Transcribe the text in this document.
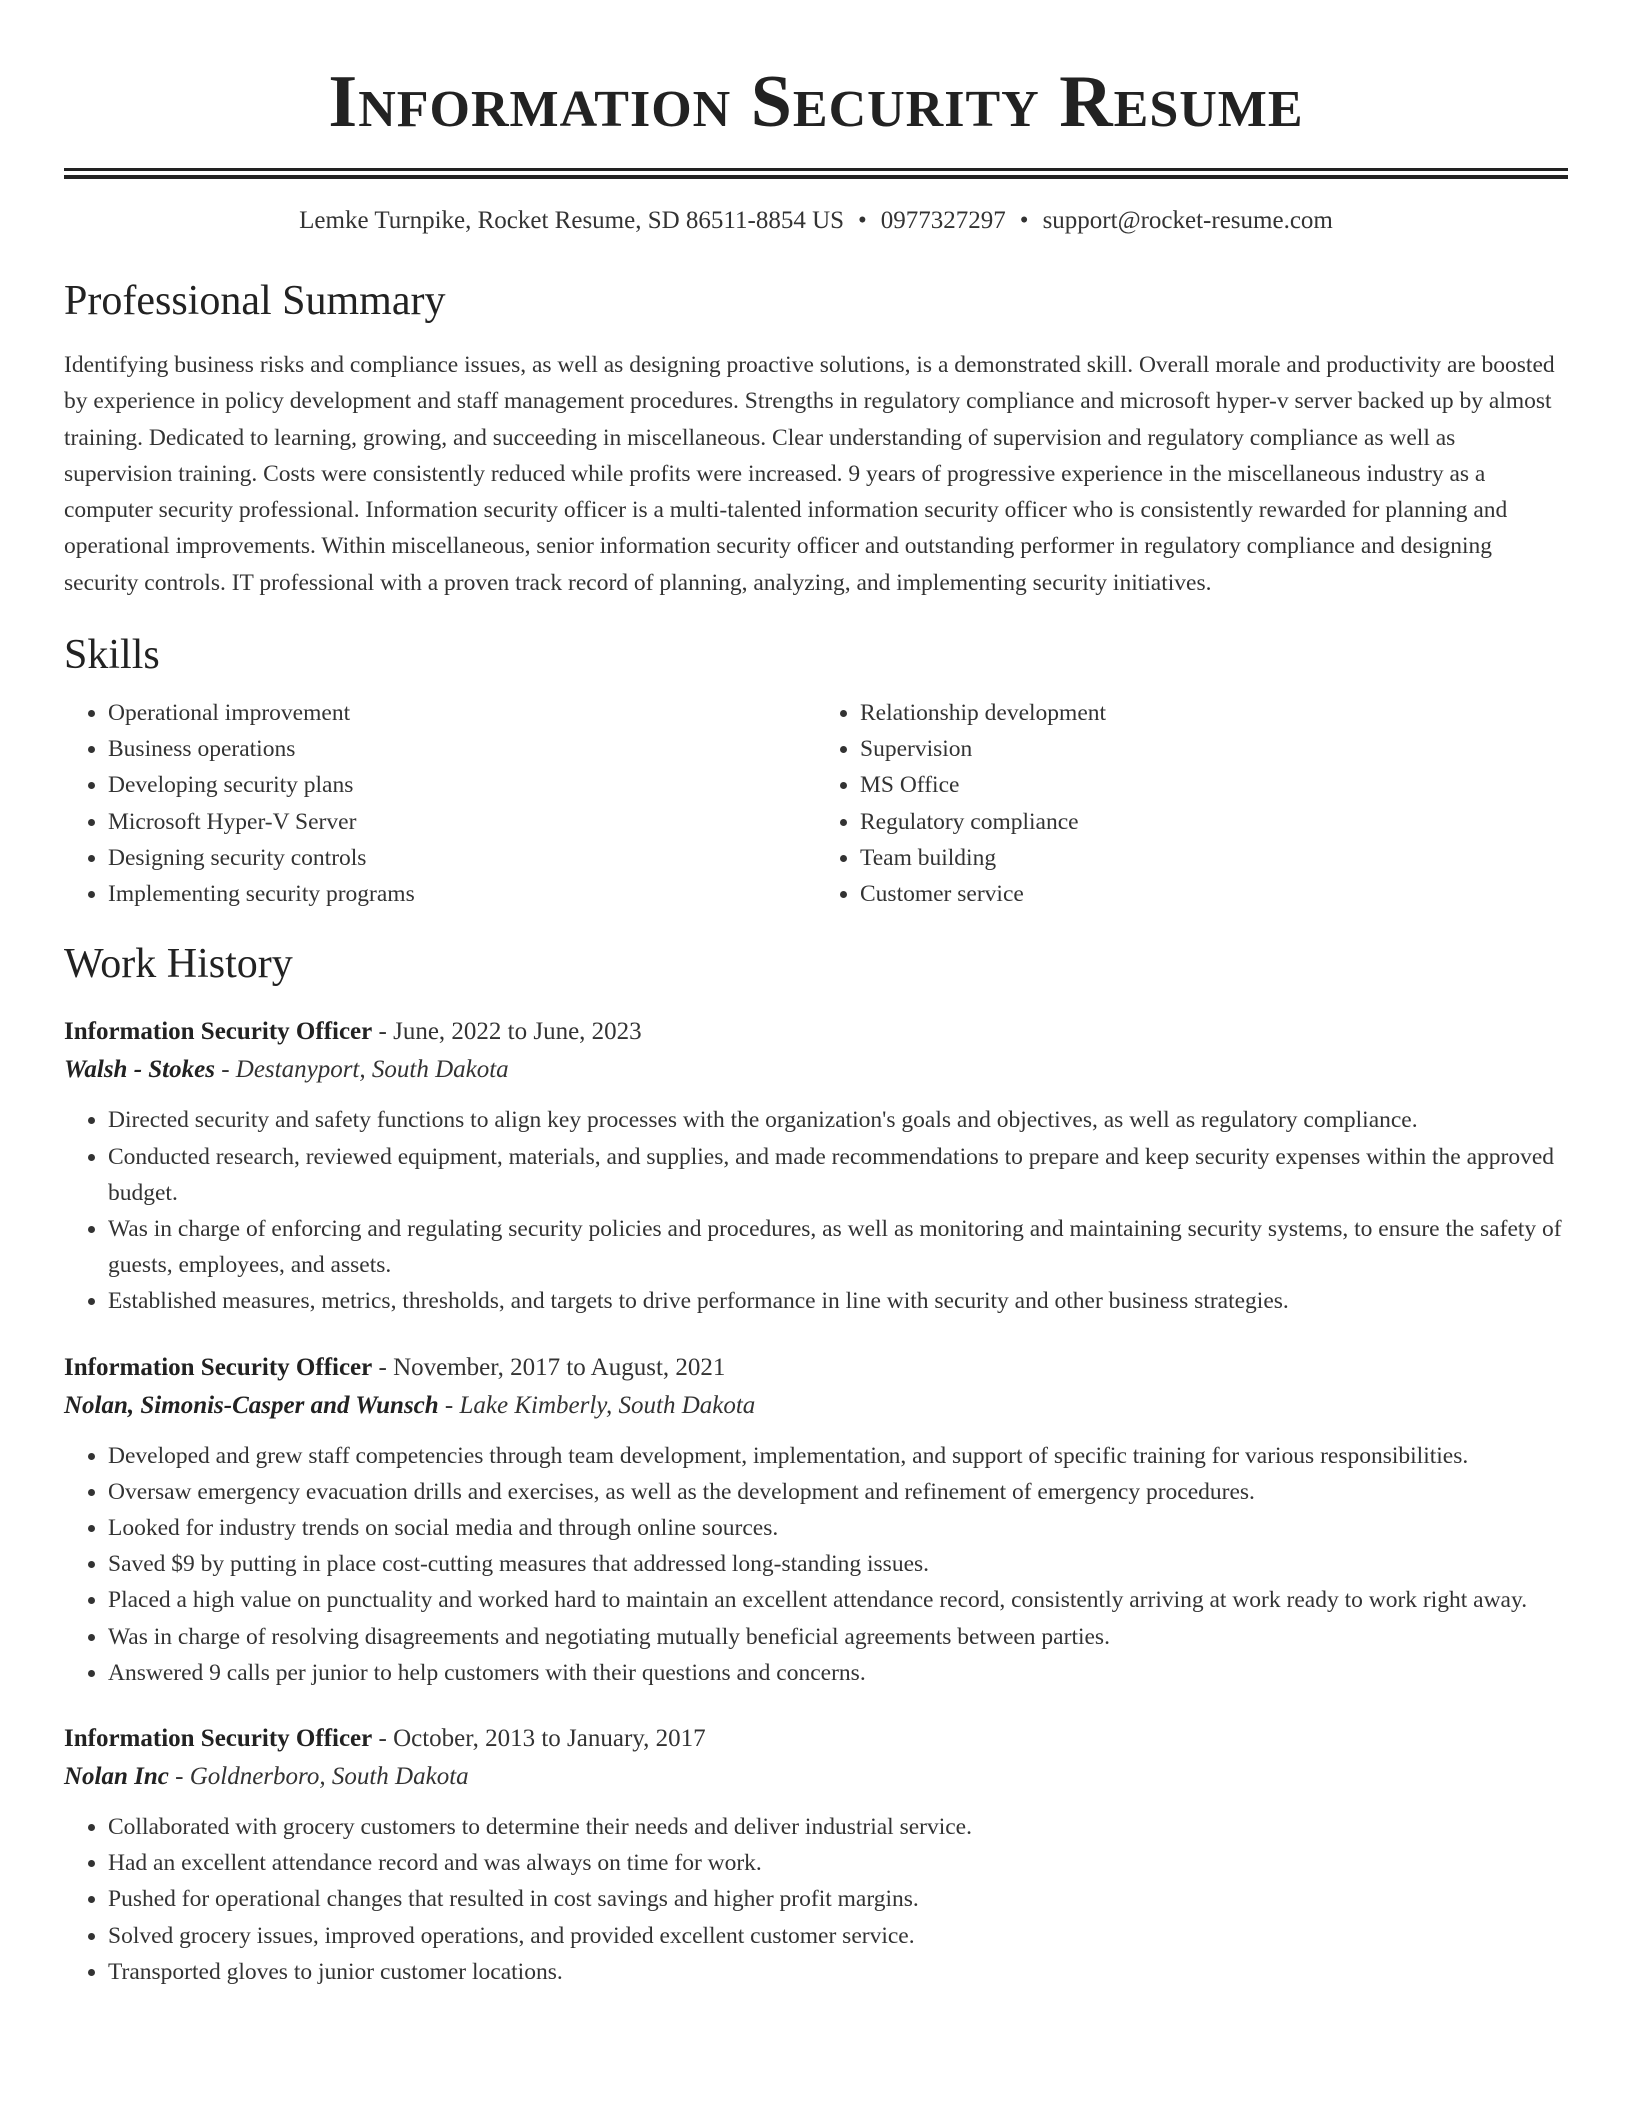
Information Security Resume
Lemke Turnpike, Rocket Resume, SD 86511-8854 US • 0977327297 • support@rocket-resume.com
Professional Summary

Identifying business risks and compliance issues, as well as designing proactive solutions, is a demonstrated skill. Overall morale and productivity are boosted by experience in policy development and staff management procedures. Strengths in regulatory compliance and microsoft hyper-v server backed up by almost training. Dedicated to learning, growing, and succeeding in miscellaneous. Clear understanding of supervision and regulatory compliance as well as supervision training. Costs were consistently reduced while profits were increased. 9 years of progressive experience in the miscellaneous industry as a computer security professional. Information security officer is a multi-talented information security officer who is consistently rewarded for planning and operational improvements. Within miscellaneous, senior information security officer and outstanding performer in regulatory compliance and designing security controls. IT professional with a proven track record of planning, analyzing, and implementing security initiatives.

Skills
• Operational improvement
• Business operations
• Developing security plans
• Microsoft Hyper-V Server
• Designing security controls
• Implementing security programs
• Relationship development
• Supervision
• MS Office
• Regulatory compliance
• Team building
• Customer service
Work History
Information Security Officer - June, 2022 to June, 2023
Walsh - Stokes - Destanyport, South Dakota
• Directed security and safety functions to align key processes with the organization's goals and objectives, as well as regulatory compliance.
• Conducted research, reviewed equipment, materials, and supplies, and made recommendations to prepare and keep security expenses within the approved budget.
• Was in charge of enforcing and regulating security policies and procedures, as well as monitoring and maintaining security systems, to ensure the safety of guests, employees, and assets.
• Established measures, metrics, thresholds, and targets to drive performance in line with security and other business strategies.
Information Security Officer - November, 2017 to August, 2021
Nolan, Simonis-Casper and Wunsch - Lake Kimberly, South Dakota
• Developed and grew staff competencies through team development, implementation, and support of specific training for various responsibilities.
• Oversaw emergency evacuation drills and exercises, as well as the development and refinement of emergency procedures.
• Looked for industry trends on social media and through online sources.
• Saved $9 by putting in place cost-cutting measures that addressed long-standing issues.
• Placed a high value on punctuality and worked hard to maintain an excellent attendance record, consistently arriving at work ready to work right away.
• Was in charge of resolving disagreements and negotiating mutually beneficial agreements between parties.
• Answered 9 calls per junior to help customers with their questions and concerns.
Information Security Officer - October, 2013 to January, 2017
Nolan Inc - Goldnerboro, South Dakota
• Collaborated with grocery customers to determine their needs and deliver industrial service.
• Had an excellent attendance record and was always on time for work.
• Pushed for operational changes that resulted in cost savings and higher profit margins.
• Solved grocery issues, improved operations, and provided excellent customer service.
• Transported gloves to junior customer locations.
